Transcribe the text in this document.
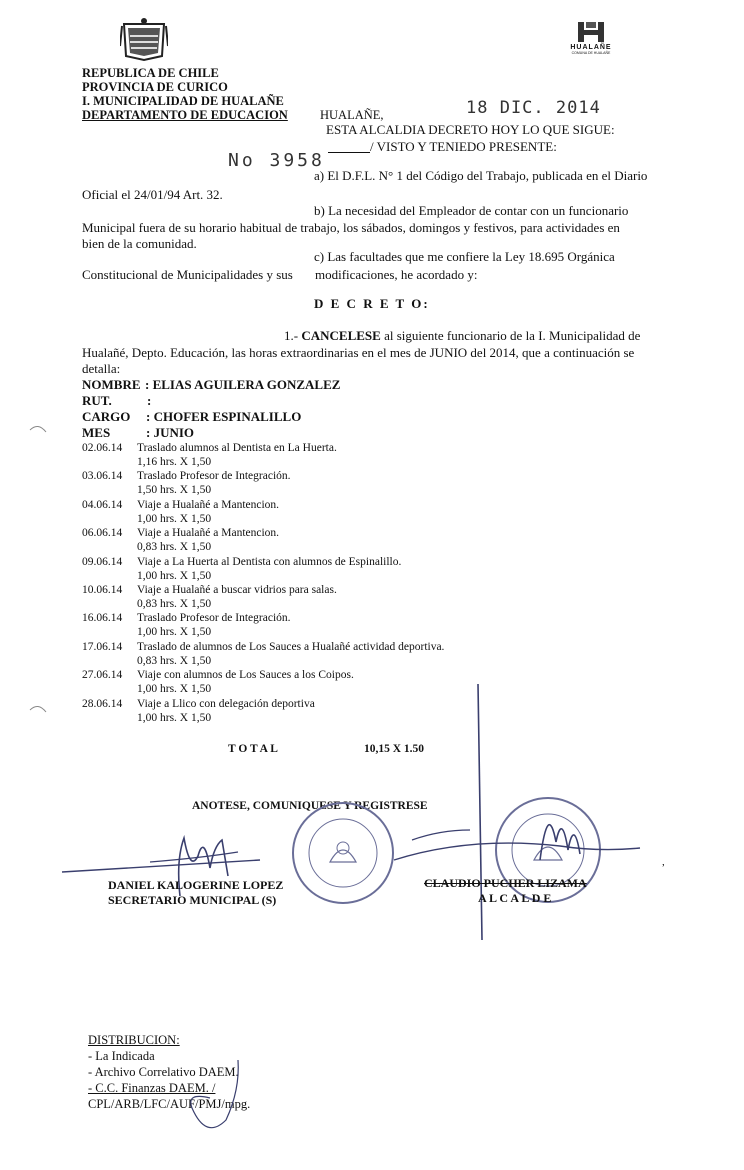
HUALAÑE
COMUNA DE HUALAÑE
REPUBLICA DE CHILE
PROVINCIA DE CURICO
I. MUNICIPALIDAD DE HUALAÑE
DEPARTAMENTO DE EDUCACION	HUALAÑE,	18 DIC. 2014
ESTA ALCALDIA DECRETO HOY LO QUE SIGUE:
/ VISTO Y TENIEDO PRESENTE:
No 3958
a) El D.F.L. N° 1 del Código del Trabajo, publicada en el Diario
Oficial el 24/01/94 Art. 32.
b) La necesidad del Empleador de contar con un funcionario
Municipal fuera de su horario habitual de trabajo, los sábados, domingos y festivos, para actividades en
bien de la comunidad.
c) Las facultades que me confiere la Ley 18.695 Orgánica
Constitucional de Municipalidades y sus modificaciones, he acordado y:
D E C R E T O:
1.- CANCELESE al siguiente funcionario de la I. Municipalidad de
Hualañé, Depto. Educación, las horas extraordinarias en el mes de JUNIO del 2014, que a continuación se
detalla:
NOMBRE : ELIAS AGUILERA GONZALEZ
RUT.	:
CARGO : CHOFER ESPINALILLO
MES	: JUNIO
02.06.14 Traslado alumnos al Dentista en La Huerta.
1,16 hrs. X 1,50
03.06.14 Traslado Profesor de Integración.
1,50 hrs. X 1,50
04.06.14 Viaje a Hualañé a Mantencion.
1,00 hrs. X 1,50
06.06.14 Viaje a Hualañé a Mantencion.
0,83 hrs. X 1,50
09.06.14 Viaje a La Huerta al Dentista con alumnos de Espinalillo.
1,00 hrs. X 1,50
10.06.14 Viaje a Hualañé a buscar vidrios para salas.
0,83 hrs. X 1,50
16.06.14 Traslado Profesor de Integración.
1,00 hrs. X 1,50
17.06.14 Traslado de alumnos de Los Sauces a Hualañé actividad deportiva.
0,83 hrs. X 1,50
27.06.14 Viaje con alumnos de Los Sauces a los Coipos.
1,00 hrs. X 1,50
28.06.14 Viaje a Llico con delegación deportiva
1,00 hrs. X 1,50
T O T A L	10,15 X 1.50
ANOTESE, COMUNIQUESE Y REGISTRESE
DANIEL KALOGERINE LOPEZ
SECRETARIO MUNICIPAL (S)
CLAUDIO PUCHER LIZAMA
A L C A L D E
,
DISTRIBUCION:
- La Indicada
- Archivo Correlativo DAEM.
- C.C. Finanzas DAEM. /
CPL/ARB/LFC/AUF/PMJ/mpg.
